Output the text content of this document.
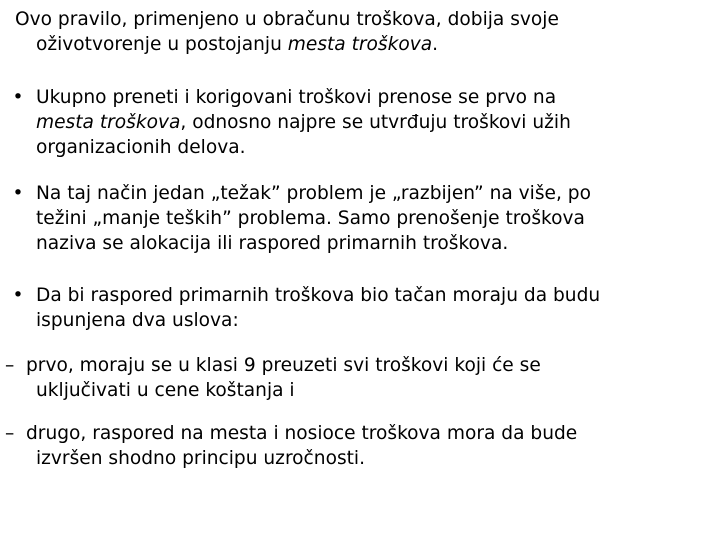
Ovo pravilo, primenjeno u obračunu troškova, dobija svoje
oživotvorenje u postojanju mesta troškova.
• Ukupno preneti i korigovani troškovi prenose se prvo na
mesta troškova, odnosno najpre se utvrđuju troškovi užih
organizacionih delova.
• Na taj način jedan „težak” problem je „razbijen” na više, po
težini „manje teških” problema. Samo prenošenje troškova
naziva se alokacija ili raspored primarnih troškova.
• Da bi raspored primarnih troškova bio tačan moraju da budu
ispunjena dva uslova:
– prvo, moraju se u klasi 9 preuzeti svi troškovi koji će se
uključivati u cene koštanja i
– drugo, raspored na mesta i nosioce troškova mora da bude
izvršen shodno principu uzročnosti.
